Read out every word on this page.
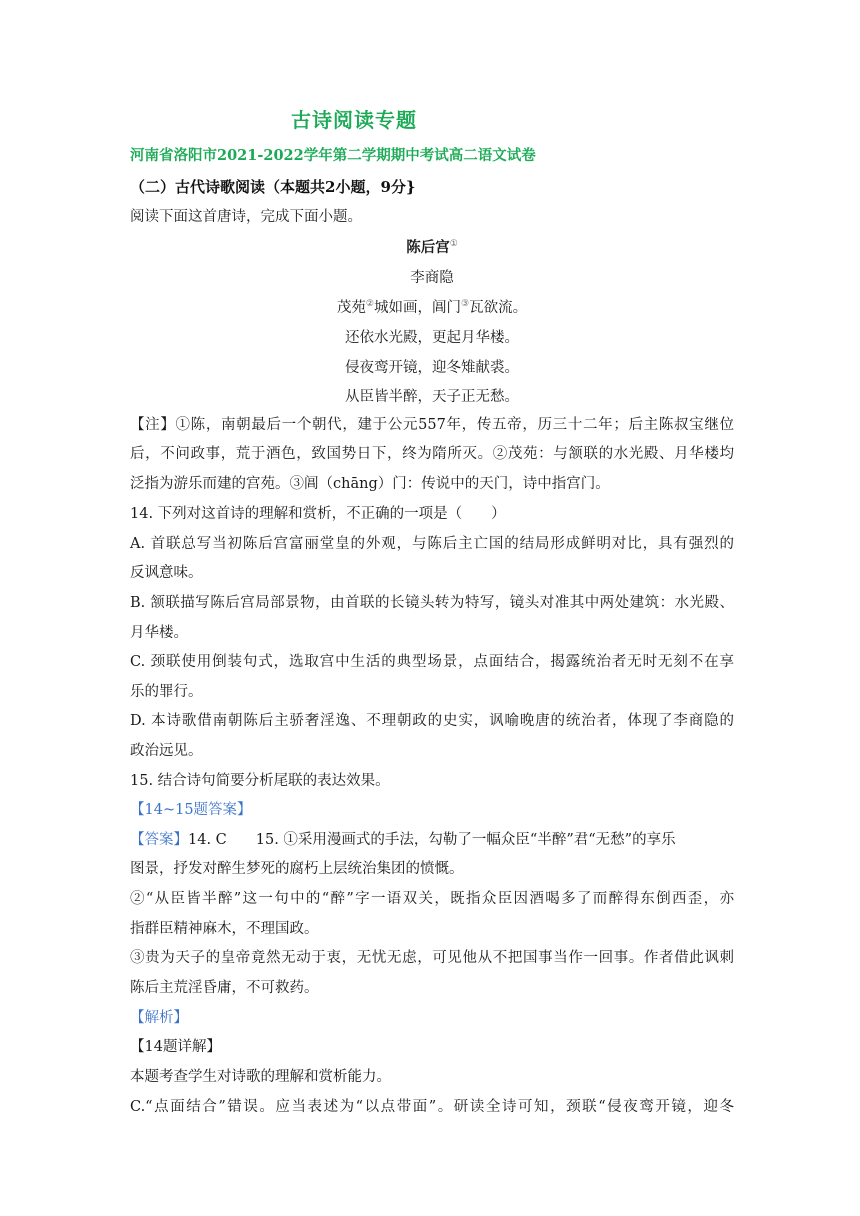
古诗阅读专题
河南省洛阳市2021-2022学年第二学期期中考试高二语文试卷
（二）古代诗歌阅读（本题共2小题，9分}
阅读下面这首唐诗，完成下面小题。
陈后宫①
李商隐
茂苑②城如画，阊门③瓦欲流。
还依水光殿，更起月华楼。
侵夜鸾开镜，迎冬雉献裘。
从臣皆半醉，天子正无愁。
【注】①陈，南朝最后一个朝代，建于公元557年，传五帝，历三十二年；后主陈叔宝继位
后，不问政事，荒于酒色，致国势日下，终为隋所灭。②茂苑：与颔联的水光殿、月华楼均
泛指为游乐而建的宫苑。③阊（chāng）门：传说中的天门，诗中指宫门。
14. 下列对这首诗的理解和赏析，不正确的一项是（　　）
A. 首联总写当初陈后宫富丽堂皇的外观，与陈后主亡国的结局形成鲜明对比，具有强烈的
反讽意味。
B. 颔联描写陈后宫局部景物，由首联的长镜头转为特写，镜头对准其中两处建筑：水光殿、
月华楼。
C. 颈联使用倒装句式，选取宫中生活的典型场景，点面结合，揭露统治者无时无刻不在享
乐的罪行。
D. 本诗歌借南朝陈后主骄奢淫逸、不理朝政的史实，讽喻晚唐的统治者，体现了李商隐的
政治远见。
15. 结合诗句简要分析尾联的表达效果。
【14~15题答案】
【答案】14. C　　15. ①采用漫画式的手法，勾勒了一幅众臣“半醉”君“无愁”的享乐
图景，抒发对醉生梦死的腐朽上层统治集团的愤慨。
②“从臣皆半醉”这一句中的“醉”字一语双关，既指众臣因酒喝多了而醉得东倒西歪，亦
指群臣精神麻木，不理国政。
③贵为天子的皇帝竟然无动于衷，无忧无虑，可见他从不把国事当作一回事。作者借此讽刺
陈后主荒淫昏庸，不可救药。
【解析】
【14题详解】
本题考查学生对诗歌的理解和赏析能力。
C.“点面结合”错误。应当表述为“以点带面”。研读全诗可知，颈联“侵夜鸾开镜，迎冬
